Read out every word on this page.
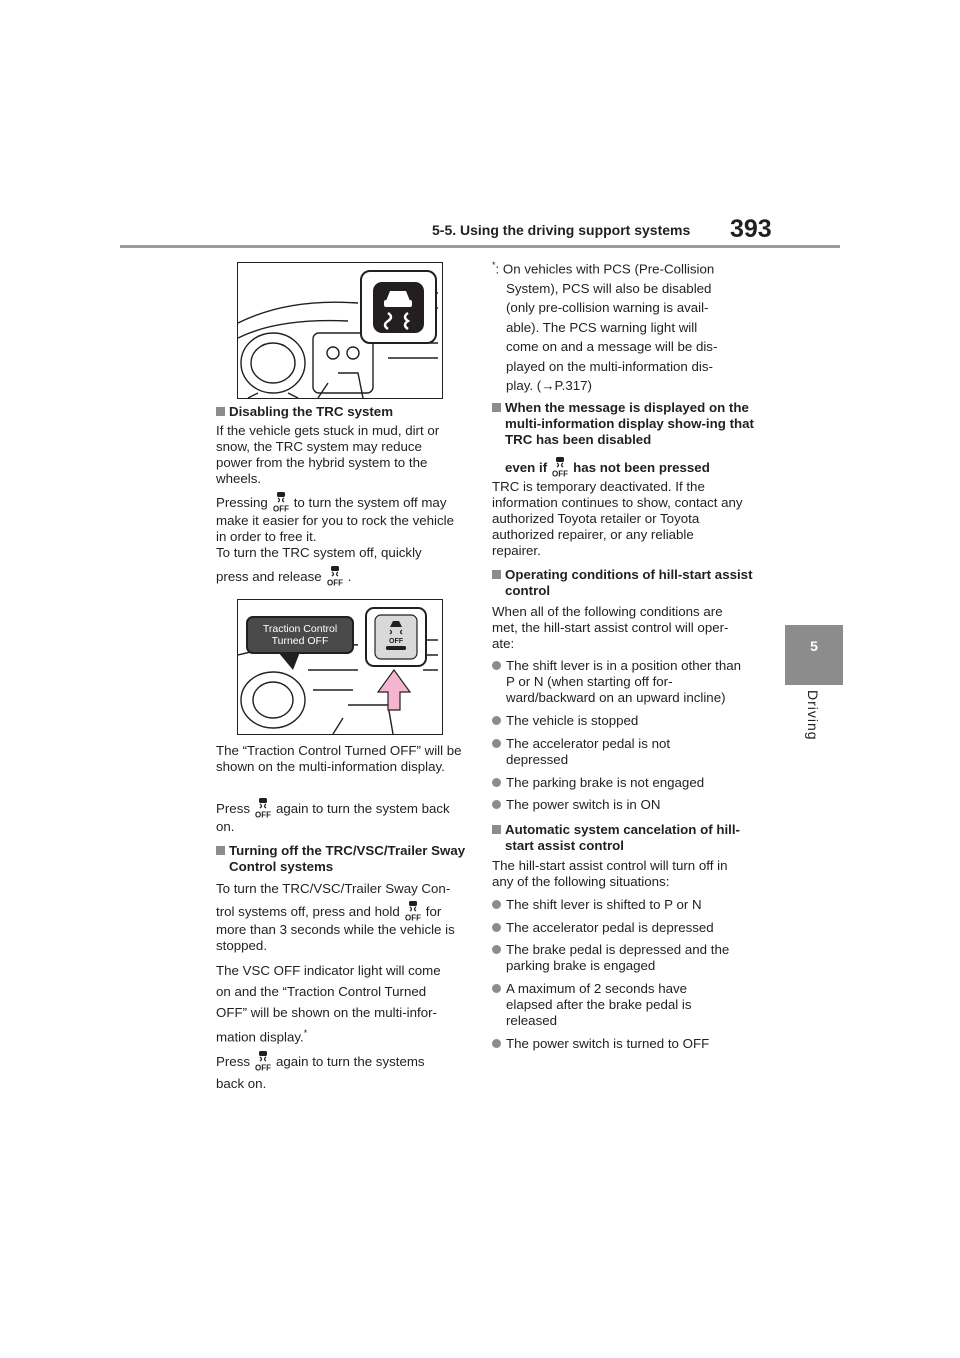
5-5. Using the driving support systems 393
5
Driving
Disabling the TRC system
If the vehicle gets stuck in mud, dirt or snow, the TRC system may reduce power from the hybrid system to the wheels.
Pressing to turn the system off may make it easier for you to rock the vehicle in order to free it.
To turn the TRC system off, quickly
press and release .
OFF
Traction Control
Turned OFF
The “Traction Control Turned OFF” will be shown on the multi-information display.
Press again to turn the system back on.
Turning off the TRC/VSC/Trailer Sway Control systems
To turn the TRC/VSC/Trailer Sway Con-
trol systems off, press and hold for more than 3 seconds while the vehicle is stopped.
The VSC OFF indicator light will come
on and the “Traction Control Turned
OFF” will be shown on the multi-infor-
mation display.*
Press again to turn the systems
back on.
*: On vehicles with PCS (Pre-Collision
System), PCS will also be disabled
(only pre-collision warning is avail-
able). The PCS warning light will
come on and a message will be dis-
played on the multi-information dis-
play. (→P.317)
When the message is displayed on the multi-information display show-ing that TRC has been disabled
even if has not been pressed
TRC is temporary deactivated. If the information continues to show, contact any authorized Toyota retailer or Toyota authorized repairer, or any reliable repairer.
Operating conditions of hill-start assist control
When all of the following conditions are met, the hill-start assist control will oper-ate:
The shift lever is in a position other than P or N (when starting off for-ward/backward on an upward incline)
The vehicle is stopped
The accelerator pedal is not depressed
The parking brake is not engaged
The power switch is in ON
Automatic system cancelation of hill-start assist control
The hill-start assist control will turn off in any of the following situations:
The shift lever is shifted to P or N
The accelerator pedal is depressed
The brake pedal is depressed and the parking brake is engaged
A maximum of 2 seconds have elapsed after the brake pedal is released
The power switch is turned to OFF
